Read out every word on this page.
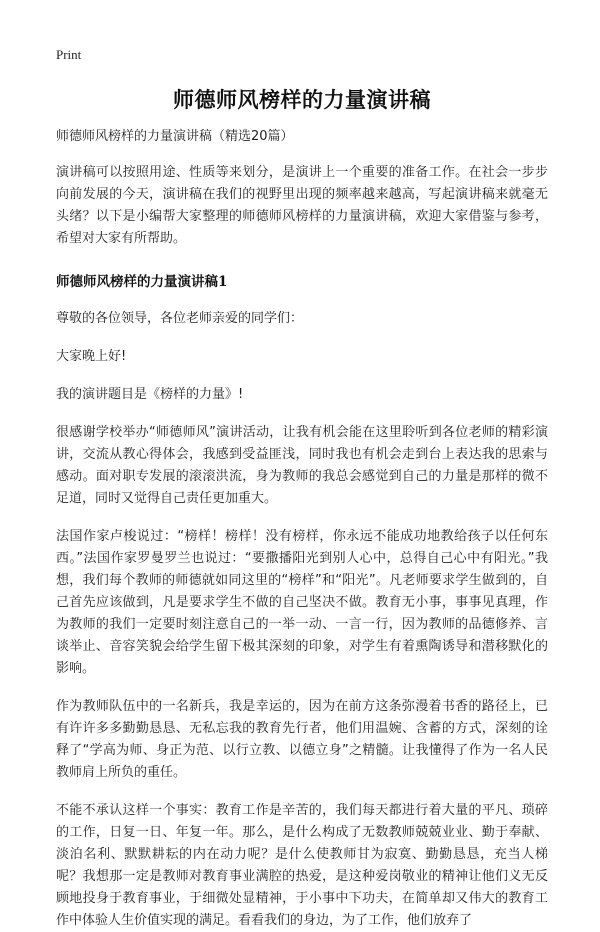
Print
师德师风榜样的力量演讲稿
师德师风榜样的力量演讲稿（精选20篇）

演讲稿可以按照用途、性质等来划分，是演讲上一个重要的准备工作。在社会一步步向前发展的今天，演讲稿在我们的视野里出现的频率越来越高，写起演讲稿来就毫无头绪？以下是小编帮大家整理的师德师风榜样的力量演讲稿，欢迎大家借鉴与参考，希望对大家有所帮助。

师德师风榜样的力量演讲稿1

尊敬的各位领导，各位老师亲爱的同学们：

大家晚上好!

我的演讲题目是《榜样的力量》!

很感谢学校举办“师德师风”演讲活动，让我有机会能在这里聆听到各位老师的精彩演讲，交流从教心得体会，我感到受益匪浅，同时我也有机会走到台上表达我的思索与感动。面对职专发展的滚滚洪流，身为教师的我总会感觉到自己的力量是那样的微不足道，同时又觉得自己责任更加重大。

法国作家卢梭说过：“榜样！榜样！没有榜样，你永远不能成功地教给孩子以任何东西。”法国作家罗曼罗兰也说过：“要撒播阳光到别人心中，总得自己心中有阳光。”我想，我们每个教师的师德就如同这里的“榜样”和“阳光”。凡老师要求学生做到的，自己首先应该做到，凡是要求学生不做的自己坚决不做。教育无小事，事事见真理，作为教师的我们一定要时刻注意自己的一举一动、一言一行，因为教师的品德修养、言谈举止、音容笑貌会给学生留下极其深刻的印象，对学生有着熏陶诱导和潜移默化的影响。

作为教师队伍中的一名新兵，我是幸运的，因为在前方这条弥漫着书香的路径上，已有许许多多勤勤恳恳、无私忘我的教育先行者，他们用温婉、含蓄的方式，深刻的诠释了“学高为师、身正为范、以行立教、以德立身”之精髓。让我懂得了作为一名人民教师肩上所负的重任。

不能不承认这样一个事实：教育工作是辛苦的，我们每天都进行着大量的平凡、琐碎的工作，日复一日、年复一年。那么，是什么构成了无数教师兢兢业业、勤于奉献、淡泊名利、默默耕耘的内在动力呢？是什么使教师甘为寂寞、勤勤恳恳，充当人梯呢？我想那一定是教师对教育事业满腔的热爱，是这种爱岗敬业的精神让他们义无反顾地投身于教育事业，于细微处显精神，于小事中下功夫，在简单却又伟大的教育工作中体验人生价值实现的满足。看看我们的身边，为了工作，他们放弃了
